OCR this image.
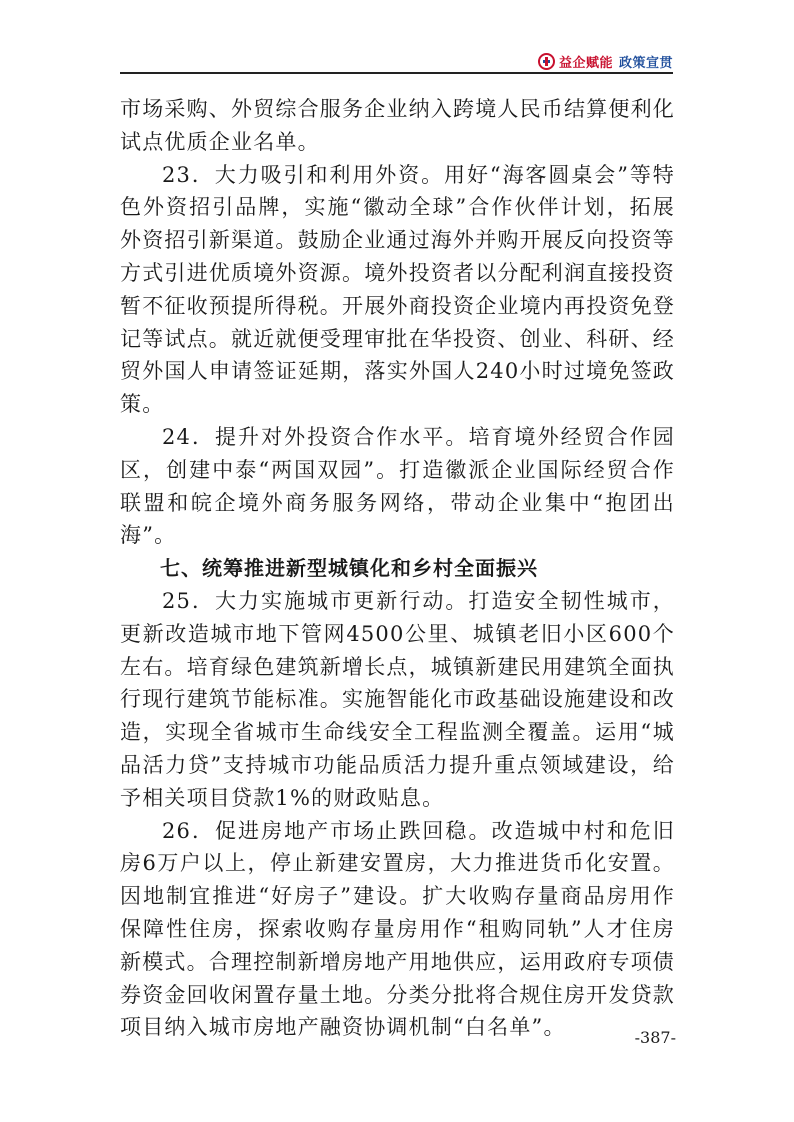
益企赋能 政策宣贯

市场采购、外贸综合服务企业纳入跨境人民币结算便利化试点优质企业名单。

23．大力吸引和利用外资。用好“海客圆桌会”等特色外资招引品牌，实施“徽动全球”合作伙伴计划，拓展外资招引新渠道。鼓励企业通过海外并购开展反向投资等方式引进优质境外资源。境外投资者以分配利润直接投资暂不征收预提所得税。开展外商投资企业境内再投资免登记等试点。就近就便受理审批在华投资、创业、科研、经贸外国人申请签证延期，落实外国人240小时过境免签政策。

24．提升对外投资合作水平。培育境外经贸合作园区，创建中泰“两国双园”。打造徽派企业国际经贸合作联盟和皖企境外商务服务网络，带动企业集中“抱团出海”。

七、统筹推进新型城镇化和乡村全面振兴

25．大力实施城市更新行动。打造安全韧性城市，更新改造城市地下管网4500公里、城镇老旧小区600个左右。培育绿色建筑新增长点，城镇新建民用建筑全面执行现行建筑节能标准。实施智能化市政基础设施建设和改造，实现全省城市生命线安全工程监测全覆盖。运用“城品活力贷”支持城市功能品质活力提升重点领域建设，给予相关项目贷款1%的财政贴息。

26．促进房地产市场止跌回稳。改造城中村和危旧房6万户以上，停止新建安置房，大力推进货币化安置。因地制宜推进“好房子”建设。扩大收购存量商品房用作保障性住房，探索收购存量房用作“租购同轨”人才住房新模式。合理控制新增房地产用地供应，运用政府专项债券资金回收闲置存量土地。分类分批将合规住房开发贷款项目纳入城市房地产融资协调机制“白名单”。	-387-
